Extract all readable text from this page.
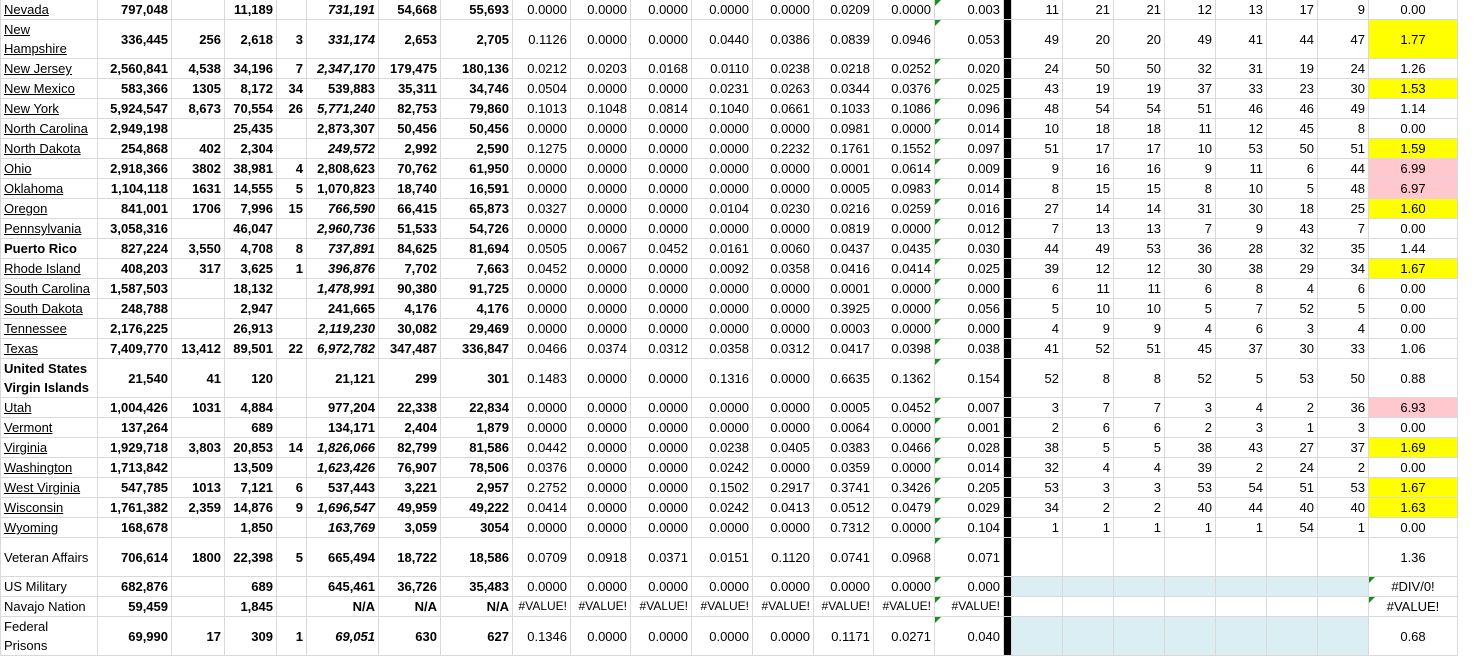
Nevada	797,048		11,189		731,191	54,668	55,693	0.0000	0.0000	0.0000	0.0000	0.0000	0.0209	0.0000	0.003		11	21	21	12	13	17	9	0.00
New Hampshire	336,445	256	2,618	3	331,174	2,653	2,705	0.1126	0.0000	0.0000	0.0440	0.0386	0.0839	0.0946	0.053		49	20	20	49	41	44	47	1.77
New Jersey	2,560,841	4,538	34,196	7	2,347,170	179,475	180,136	0.0212	0.0203	0.0168	0.0110	0.0238	0.0218	0.0252	0.020		24	50	50	32	31	19	24	1.26
New Mexico	583,366	1305	8,172	34	539,883	35,311	34,746	0.0504	0.0000	0.0000	0.0231	0.0263	0.0344	0.0376	0.025		43	19	19	37	33	23	30	1.53
New York	5,924,547	8,673	70,554	26	5,771,240	82,753	79,860	0.1013	0.1048	0.0814	0.1040	0.0661	0.1033	0.1086	0.096		48	54	54	51	46	46	49	1.14
North Carolina	2,949,198		25,435		2,873,307	50,456	50,456	0.0000	0.0000	0.0000	0.0000	0.0000	0.0981	0.0000	0.014		10	18	18	11	12	45	8	0.00
North Dakota	254,868	402	2,304		249,572	2,992	2,590	0.1275	0.0000	0.0000	0.0000	0.2232	0.1761	0.1552	0.097		51	17	17	10	53	50	51	1.59
Ohio	2,918,366	3802	38,981	4	2,808,623	70,762	61,950	0.0000	0.0000	0.0000	0.0000	0.0000	0.0001	0.0614	0.009		9	16	16	9	11	6	44	6.99
Oklahoma	1,104,118	1631	14,555	5	1,070,823	18,740	16,591	0.0000	0.0000	0.0000	0.0000	0.0000	0.0005	0.0983	0.014		8	15	15	8	10	5	48	6.97
Oregon	841,001	1706	7,996	15	766,590	66,415	65,873	0.0327	0.0000	0.0000	0.0104	0.0230	0.0216	0.0259	0.016		27	14	14	31	30	18	25	1.60
Pennsylvania	3,058,316		46,047		2,960,736	51,533	54,726	0.0000	0.0000	0.0000	0.0000	0.0000	0.0819	0.0000	0.012		7	13	13	7	9	43	7	0.00
Puerto Rico	827,224	3,550	4,708	8	737,891	84,625	81,694	0.0505	0.0067	0.0452	0.0161	0.0060	0.0437	0.0435	0.030		44	49	53	36	28	32	35	1.44
Rhode Island	408,203	317	3,625	1	396,876	7,702	7,663	0.0452	0.0000	0.0000	0.0092	0.0358	0.0416	0.0414	0.025		39	12	12	30	38	29	34	1.67
South Carolina	1,587,503		18,132		1,478,991	90,380	91,725	0.0000	0.0000	0.0000	0.0000	0.0000	0.0001	0.0000	0.000		6	11	11	6	8	4	6	0.00
South Dakota	248,788		2,947		241,665	4,176	4,176	0.0000	0.0000	0.0000	0.0000	0.0000	0.3925	0.0000	0.056		5	10	10	5	7	52	5	0.00
Tennessee	2,176,225		26,913		2,119,230	30,082	29,469	0.0000	0.0000	0.0000	0.0000	0.0000	0.0003	0.0000	0.000		4	9	9	4	6	3	4	0.00
Texas	7,409,770	13,412	89,501	22	6,972,782	347,487	336,847	0.0466	0.0374	0.0312	0.0358	0.0312	0.0417	0.0398	0.038		41	52	51	45	37	30	33	1.06
United States Virgin Islands	21,540	41	120		21,121	299	301	0.1483	0.0000	0.0000	0.1316	0.0000	0.6635	0.1362	0.154		52	8	8	52	5	53	50	0.88
Utah	1,004,426	1031	4,884		977,204	22,338	22,834	0.0000	0.0000	0.0000	0.0000	0.0000	0.0005	0.0452	0.007		3	7	7	3	4	2	36	6.93
Vermont	137,264		689		134,171	2,404	1,879	0.0000	0.0000	0.0000	0.0000	0.0000	0.0064	0.0000	0.001		2	6	6	2	3	1	3	0.00
Virginia	1,929,718	3,803	20,853	14	1,826,066	82,799	81,586	0.0442	0.0000	0.0000	0.0238	0.0405	0.0383	0.0466	0.028		38	5	5	38	43	27	37	1.69
Washington	1,713,842		13,509		1,623,426	76,907	78,506	0.0376	0.0000	0.0000	0.0242	0.0000	0.0359	0.0000	0.014		32	4	4	39	2	24	2	0.00
West Virginia	547,785	1013	7,121	6	537,443	3,221	2,957	0.2752	0.0000	0.0000	0.1502	0.2917	0.3741	0.3426	0.205		53	3	3	53	54	51	53	1.67
Wisconsin	1,761,382	2,359	14,876	9	1,696,547	49,959	49,222	0.0414	0.0000	0.0000	0.0242	0.0413	0.0512	0.0479	0.029		34	2	2	40	44	40	40	1.63
Wyoming	168,678		1,850		163,769	3,059	3054	0.0000	0.0000	0.0000	0.0000	0.0000	0.7312	0.0000	0.104		1	1	1	1	1	54	1	0.00
Veteran Affairs	706,614	1800	22,398	5	665,494	18,722	18,586	0.0709	0.0918	0.0371	0.0151	0.1120	0.0741	0.0968	0.071									1.36
US Military	682,876		689		645,461	36,726	35,483	0.0000	0.0000	0.0000	0.0000	0.0000	0.0000	0.0000	0.000									#DIV/0!
Navajo Nation	59,459		1,845		N/A	N/A	N/A	#VALUE!	#VALUE!	#VALUE!	#VALUE!	#VALUE!	#VALUE!	#VALUE!	#VALUE!									#VALUE!
Federal Prisons	69,990	17	309	1	69,051	630	627	0.1346	0.0000	0.0000	0.0000	0.0000	0.1171	0.0271	0.040									0.68
